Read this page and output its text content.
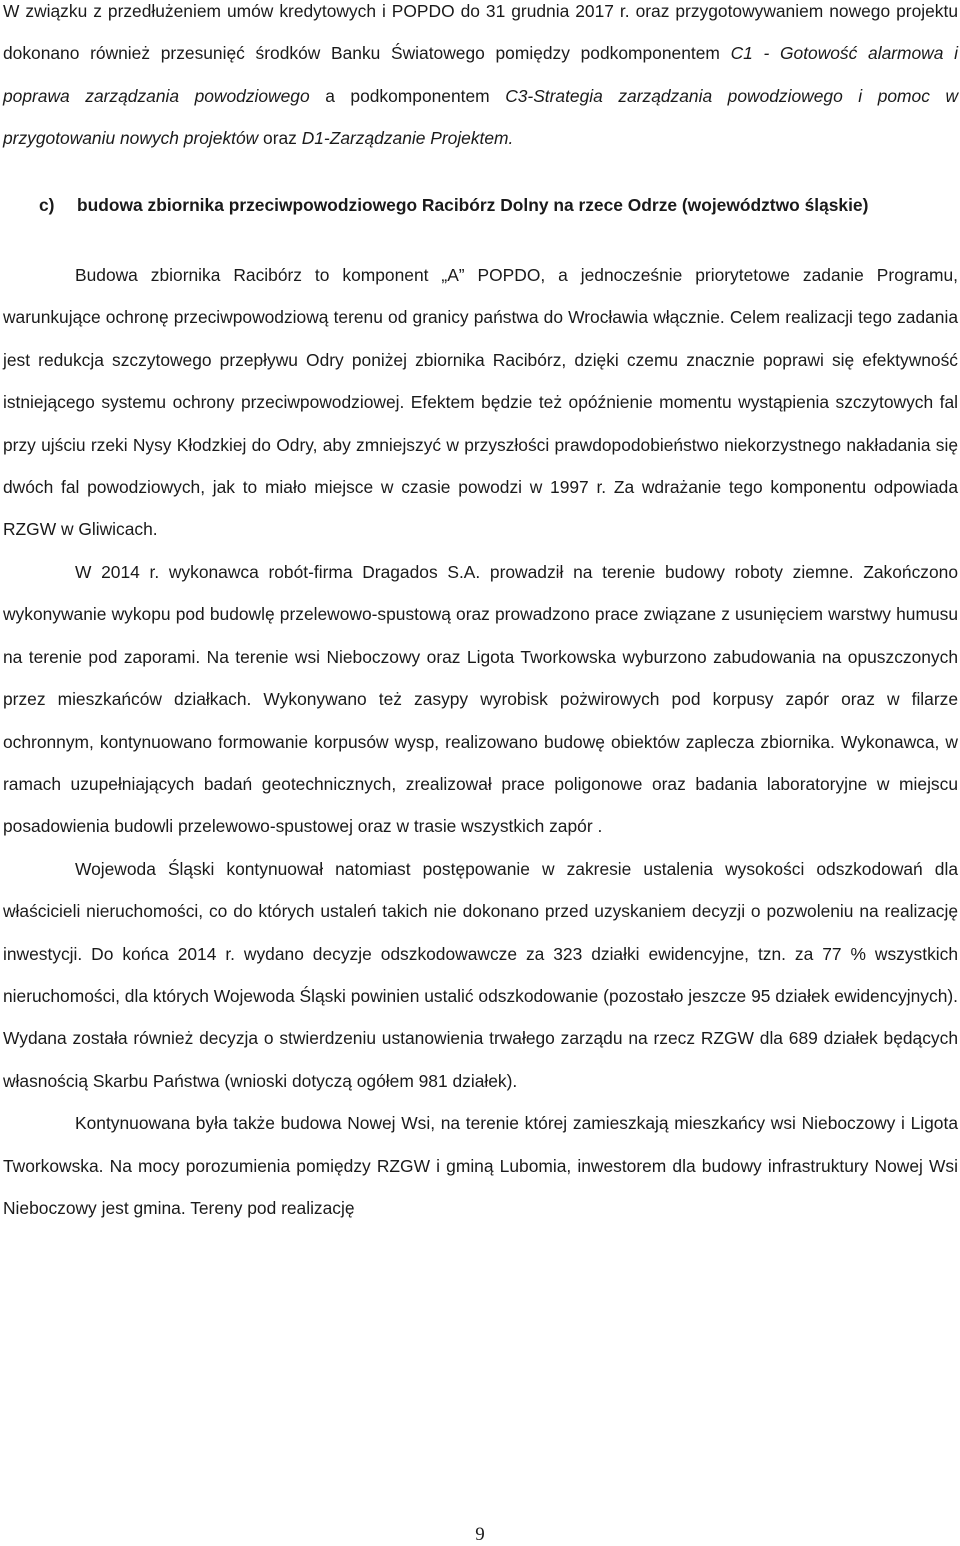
W związku z przedłużeniem umów kredytowych i POPDO do 31 grudnia 2017 r. oraz przygotowywaniem nowego projektu dokonano również przesunięć środków Banku Światowego pomiędzy podkomponentem C1 - Gotowość alarmowa i poprawa zarządzania powodziowego a podkomponentem C3-Strategia zarządzania powodziowego i pomoc w przygotowaniu nowych projektów oraz D1-Zarządzanie Projektem.

c) budowa zbiornika przeciwpowodziowego Racibórz Dolny na rzece Odrze (województwo śląskie)

Budowa zbiornika Racibórz to komponent „A” POPDO, a jednocześnie priorytetowe zadanie Programu, warunkujące ochronę przeciwpowodziową terenu od granicy państwa do Wrocławia włącznie. Celem realizacji tego zadania jest redukcja szczytowego przepływu Odry poniżej zbiornika Racibórz, dzięki czemu znacznie poprawi się efektywność istniejącego systemu ochrony przeciwpowodziowej. Efektem będzie też opóźnienie momentu wystąpienia szczytowych fal przy ujściu rzeki Nysy Kłodzkiej do Odry, aby zmniejszyć w przyszłości prawdopodobieństwo niekorzystnego nakładania się dwóch fal powodziowych, jak to miało miejsce w czasie powodzi w 1997 r. Za wdrażanie tego komponentu odpowiada RZGW w Gliwicach.

W 2014 r. wykonawca robót-firma Dragados S.A. prowadził na terenie budowy roboty ziemne. Zakończono wykonywanie wykopu pod budowlę przelewowo-spustową oraz prowadzono prace związane z usunięciem warstwy humusu na terenie pod zaporami. Na terenie wsi Nieboczowy oraz Ligota Tworkowska wyburzono zabudowania na opuszczonych przez mieszkańców działkach. Wykonywano też zasypy wyrobisk pożwirowych pod korpusy zapór oraz w filarze ochronnym, kontynuowano formowanie korpusów wysp, realizowano budowę obiektów zaplecza zbiornika. Wykonawca, w ramach uzupełniających badań geotechnicznych, zrealizował prace poligonowe oraz badania laboratoryjne w miejscu posadowienia budowli przelewowo-spustowej oraz w trasie wszystkich zapór .

Wojewoda Śląski kontynuował natomiast postępowanie w zakresie ustalenia wysokości odszkodowań dla właścicieli nieruchomości, co do których ustaleń takich nie dokonano przed uzyskaniem decyzji o pozwoleniu na realizację inwestycji. Do końca 2014 r. wydano decyzje odszkodowawcze za 323 działki ewidencyjne, tzn. za 77 % wszystkich nieruchomości, dla których Wojewoda Śląski powinien ustalić odszkodowanie (pozostało jeszcze 95 działek ewidencyjnych). Wydana została również decyzja o stwierdzeniu ustanowienia trwałego zarządu na rzecz RZGW dla 689 działek będących własnością Skarbu Państwa (wnioski dotyczą ogółem 981 działek).

Kontynuowana była także budowa Nowej Wsi, na terenie której zamieszkają mieszkańcy wsi Nieboczowy i Ligota Tworkowska. Na mocy porozumienia pomiędzy RZGW i gminą Lubomia, inwestorem dla budowy infrastruktury Nowej Wsi Nieboczowy jest gmina. Tereny pod realizację

9
